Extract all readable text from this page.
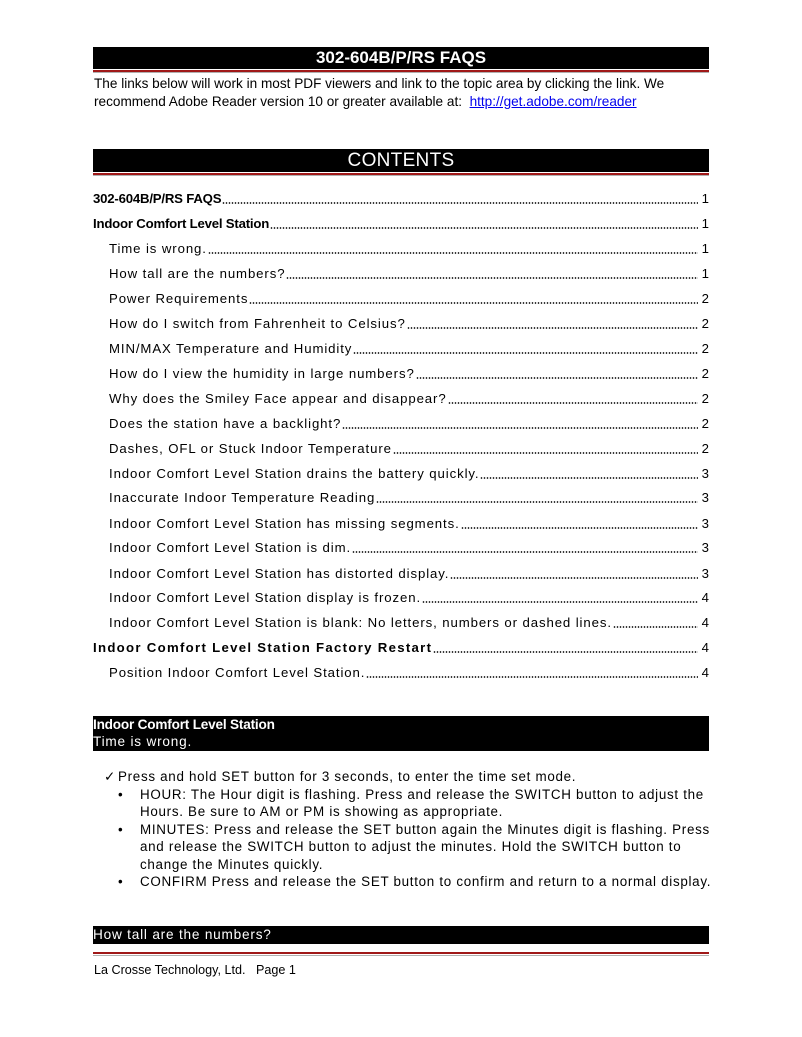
302-604B/P/RS FAQS
The links below will work in most PDF viewers and link to the topic area by clicking the link. We recommend Adobe Reader version 10 or greater available at: http://get.adobe.com/reader
CONTENTS
302-604B/P/RS FAQS	1
Indoor Comfort Level Station	1
Time is wrong.	1
How tall are the numbers?	1
Power Requirements	2
How do I switch from Fahrenheit to Celsius?	2
MIN/MAX Temperature and Humidity	2
How do I view the humidity in large numbers?	2
Why does the Smiley Face appear and disappear?	2
Does the station have a backlight?	2
Dashes, OFL or Stuck Indoor Temperature	2
Indoor Comfort Level Station drains the battery quickly.	3
Inaccurate Indoor Temperature Reading	3
Indoor Comfort Level Station has missing segments.	3
Indoor Comfort Level Station is dim.	3
Indoor Comfort Level Station has distorted display.	3
Indoor Comfort Level Station display is frozen.	4
Indoor Comfort Level Station is blank: No letters, numbers or dashed lines.	4
Indoor Comfort Level Station Factory Restart	4
Position Indoor Comfort Level Station.	4
Indoor Comfort Level Station
Time is wrong.
✓ Press and hold SET button for 3 seconds, to enter the time set mode.
•	HOUR: The Hour digit is flashing. Press and release the SWITCH button to adjust the Hours. Be sure to AM or PM is showing as appropriate.
•	MINUTES: Press and release the SET button again the Minutes digit is flashing. Press and release the SWITCH button to adjust the minutes. Hold the SWITCH button to change the Minutes quickly.
•	CONFIRM Press and release the SET button to confirm and return to a normal display.
How tall are the numbers?
La Crosse Technology, Ltd.   Page 1
